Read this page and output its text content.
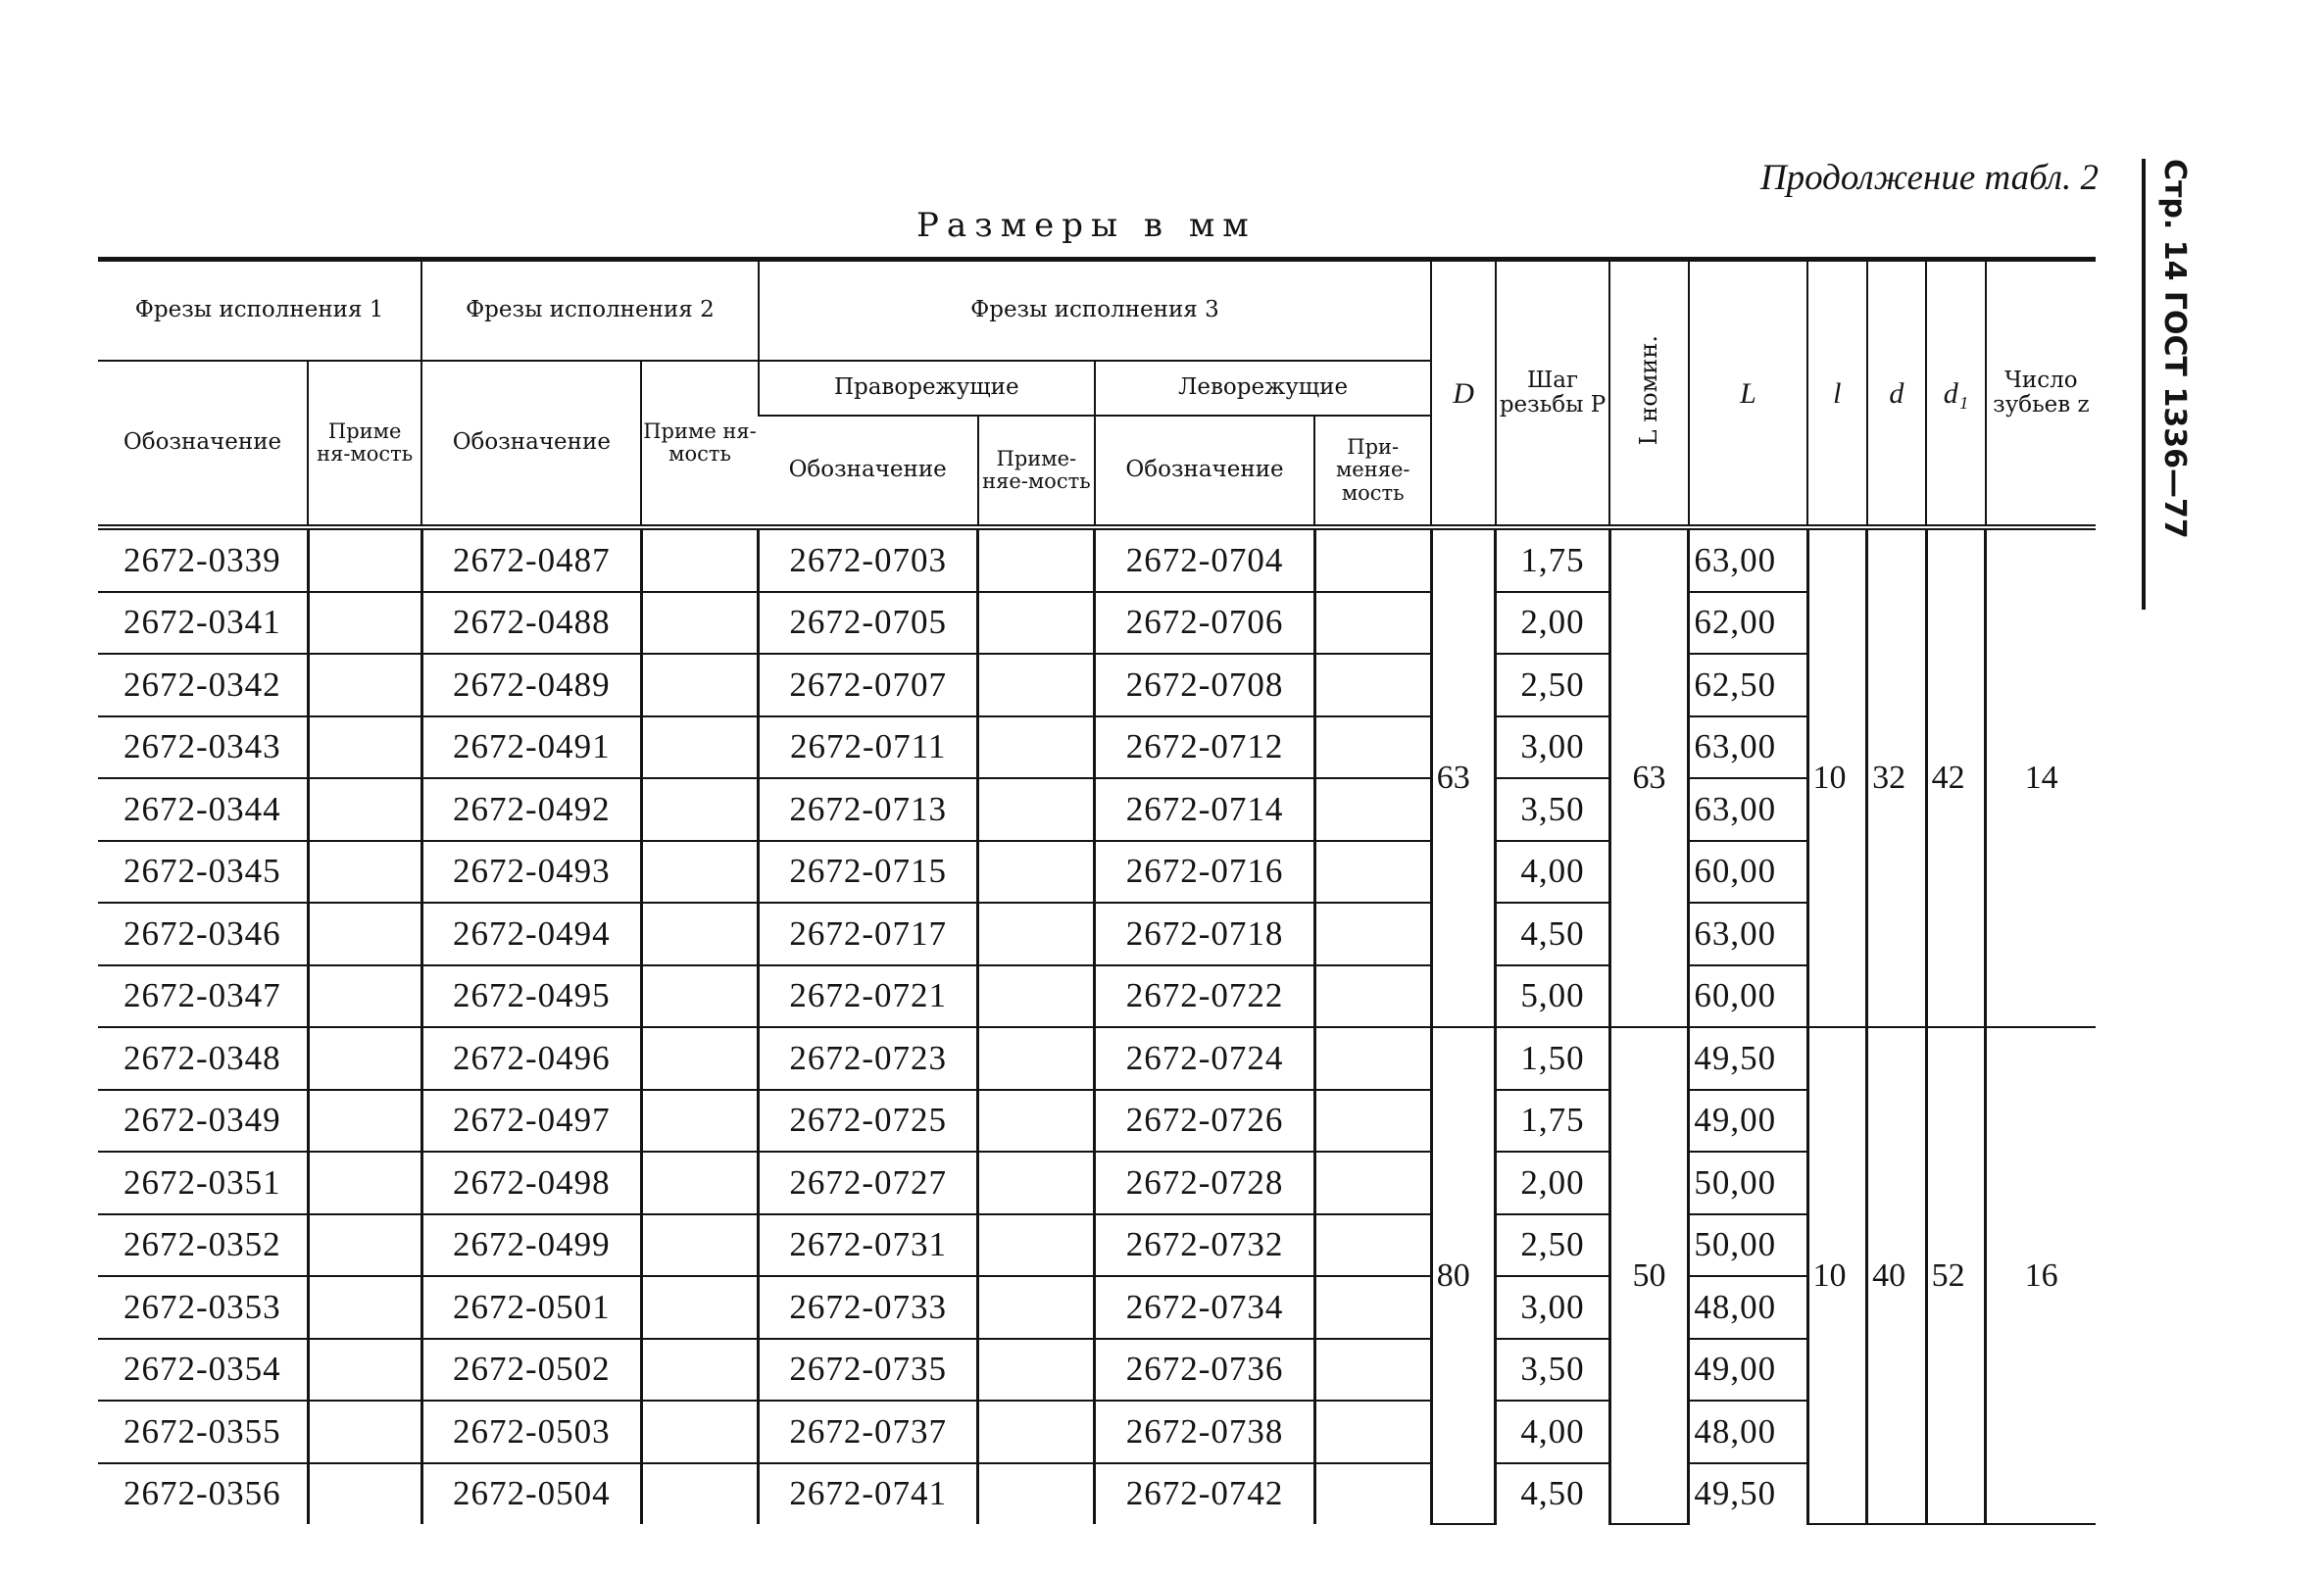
Продолжение табл. 2
Размеры в мм	Стр. 14 ГОСТ 1336—77
Фрезы исполнения 1		Фрезы исполнения 2		Фрезы исполнения 3				D	Шаг резьбы P	L номин.	L	l	d	d₁	Число зубьев z
Обозначение	Приме ня-мость	Обозначение	Приме ня-мость	Праворежущие		Леворежущие									
				Обозначение	Приме-няе-мость	Обозначение	При-меняе-мость								
2672-0339		2672-0487		2672-0703		2672-0704		63	1,75	63	63,00	10	32	42	14
2672-0341		2672-0488		2672-0705		2672-0706			2,00		62,00				
2672-0342		2672-0489		2672-0707		2672-0708			2,50		62,50				
2672-0343		2672-0491		2672-0711		2672-0712			3,00		63,00				
2672-0344		2672-0492		2672-0713		2672-0714			3,50		63,00				
2672-0345		2672-0493		2672-0715		2672-0716			4,00		60,00				
2672-0346		2672-0494		2672-0717		2672-0718			4,50		63,00				
2672-0347		2672-0495		2672-0721		2672-0722			5,00		60,00				
2672-0348		2672-0496		2672-0723		2672-0724		80	1,50	50	49,50	10	40	52	16
2672-0349		2672-0497		2672-0725		2672-0726			1,75		49,00				
2672-0351		2672-0498		2672-0727		2672-0728			2,00		50,00				
2672-0352		2672-0499		2672-0731		2672-0732			2,50		50,00				
2672-0353		2672-0501		2672-0733		2672-0734			3,00		48,00				
2672-0354		2672-0502		2672-0735		2672-0736			3,50		49,00				
2672-0355		2672-0503		2672-0737		2672-0738			4,00		48,00				
2672-0356		2672-0504		2672-0741		2672-0742			4,50		49,50				
